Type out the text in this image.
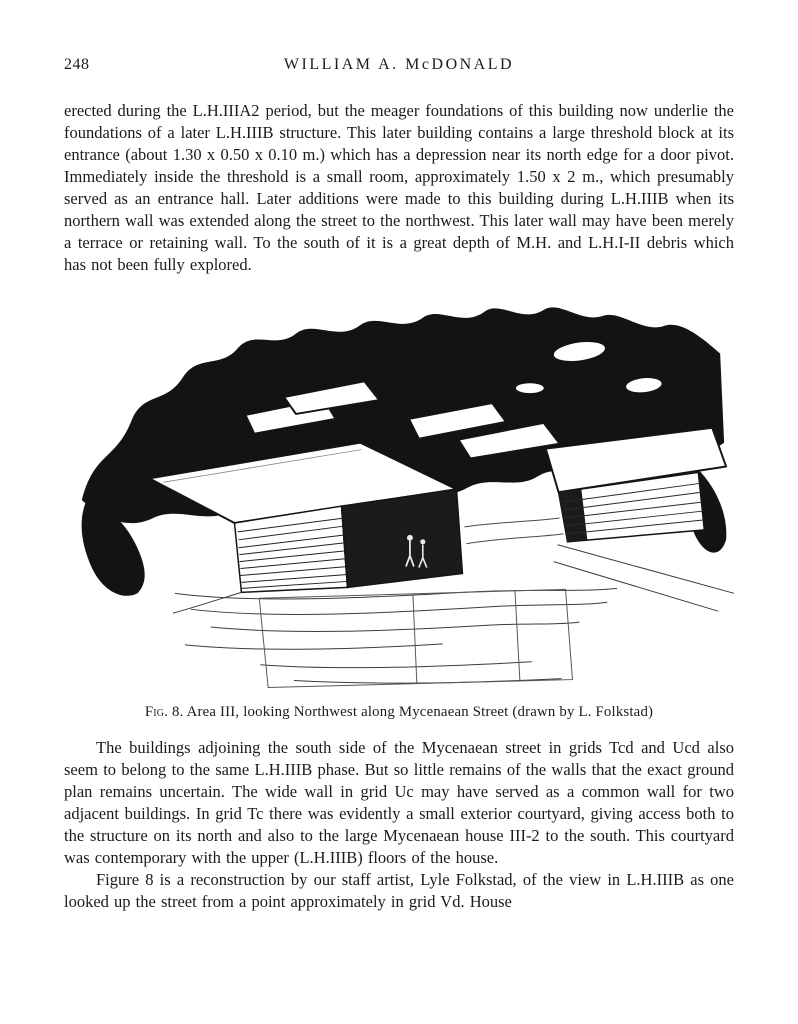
248	WILLIAM A. McDONALD

erected during the L.H.IIIA2 period, but the meager foundations of this building now underlie the foundations of a later L.H.IIIB structure. This later building contains a large threshold block at its entrance (about 1.30 x 0.50 x 0.10 m.) which has a depression near its north edge for a door pivot. Immediately inside the threshold is a small room, approximately 1.50 x 2 m., which presumably served as an entrance hall. Later additions were made to this building during L.H.IIIB when its northern wall was extended along the street to the northwest. This later wall may have been merely a terrace or retaining wall. To the south of it is a great depth of M.H. and L.H.I-II debris which has not been fully explored.

Fig. 8. Area III, looking Northwest along Mycenaean Street (drawn by L. Folkstad)

The buildings adjoining the south side of the Mycenaean street in grids Tcd and Ucd also seem to belong to the same L.H.IIIB phase. But so little remains of the walls that the exact ground plan remains uncertain. The wide wall in grid Uc may have served as a common wall for two adjacent buildings. In grid Tc there was evidently a small exterior courtyard, giving access both to the structure on its north and also to the large Mycenaean house III-2 to the south. This courtyard was contemporary with the upper (L.H.IIIB) floors of the house.

Figure 8 is a reconstruction by our staff artist, Lyle Folkstad, of the view in L.H.IIIB as one looked up the street from a point approximately in grid Vd. House
